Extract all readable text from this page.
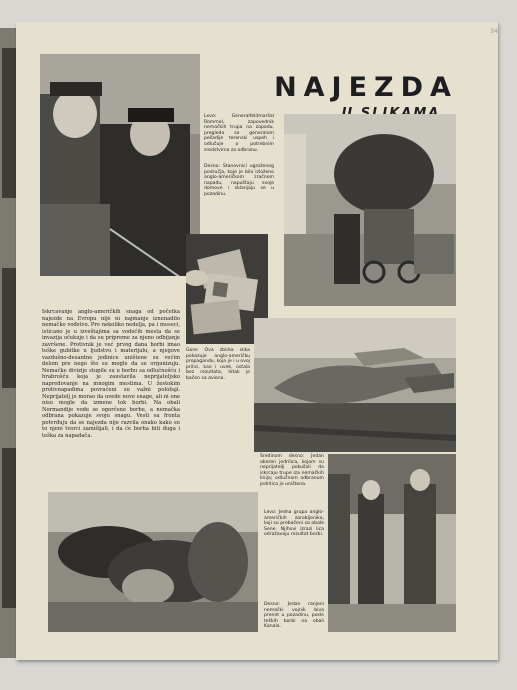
34
NAJEZDA
Levo: Generalfeldmaršal Rommel, zapovednik nemačkih trupa na zapadu, pregleda sa generalom pešadije terenski uspeh i odlučuje o potrebnim sredstvima za odbranu.
Desno: Stanovnici ugroženog područja, koje je bilo izloženo anglo-američkom zračnom napadu, napuštaju svoje domove i sklanjaju se u pozadinu.
Gore: Ova zbirka slika pokazuje anglo-američku propagandu, koja je i u ovoj prilici, kao i uvek, ostala bez rezultata; letak je bačen sa aviona.
Sredinom desno: Jedan oboren jedrilica, kojom su neprijatelji pokušali da iskrcaju trupe iza nemačkih linija; odlučnom odbranom jedrilica je uništena.
Levo: Jedna grupa anglo-američkih zarobljenika, koji su prebačeni sa obale Sene. Njihovi izrazi lica odražavaju rezultat borbi.
Desno: Jedan ranjeni nemački vojnik biva prenet u pozadinu, posle teških borbi na obali Kanala.
Iskrcavanje anglo-američkih snaga od početka najezde na Evropu nije ni najmanje iznenadilo nemačko vođstvo. Pre nekoliko nedelja, pa i meseci, isticano je u izveštajima sa vodećih mesta da se invazija očekuje i da su pripreme za njeno odbijanje završene. Protivnik je već prvog dana borbi imao teške gubitke u ljudstvu i materijalu, a njegove vazdušno-desantne jedinice uništene su većim delom pre nego što su mogle da se organizuju. Nemačke divizije stupile su u borbu sa odlučnošću i hrabrošću koja je zaustavila neprijateljsko napredovanje na mnogim mestima. U žestokim protivnapadima povraćeni su važni položaji. Neprijatelj je morao da uvede nove snage, ali ni one nisu mogle da izmene tok borbi. Na obali Normandije vode se ogorčene borbe, a nemačka odbrana pokazuje svoju snagu. Vesti sa fronta potvrđuju da se najezda nije razvila onako kako su to njeni tvorci zamišljali, i da će borba biti duga i teška za napadača.
